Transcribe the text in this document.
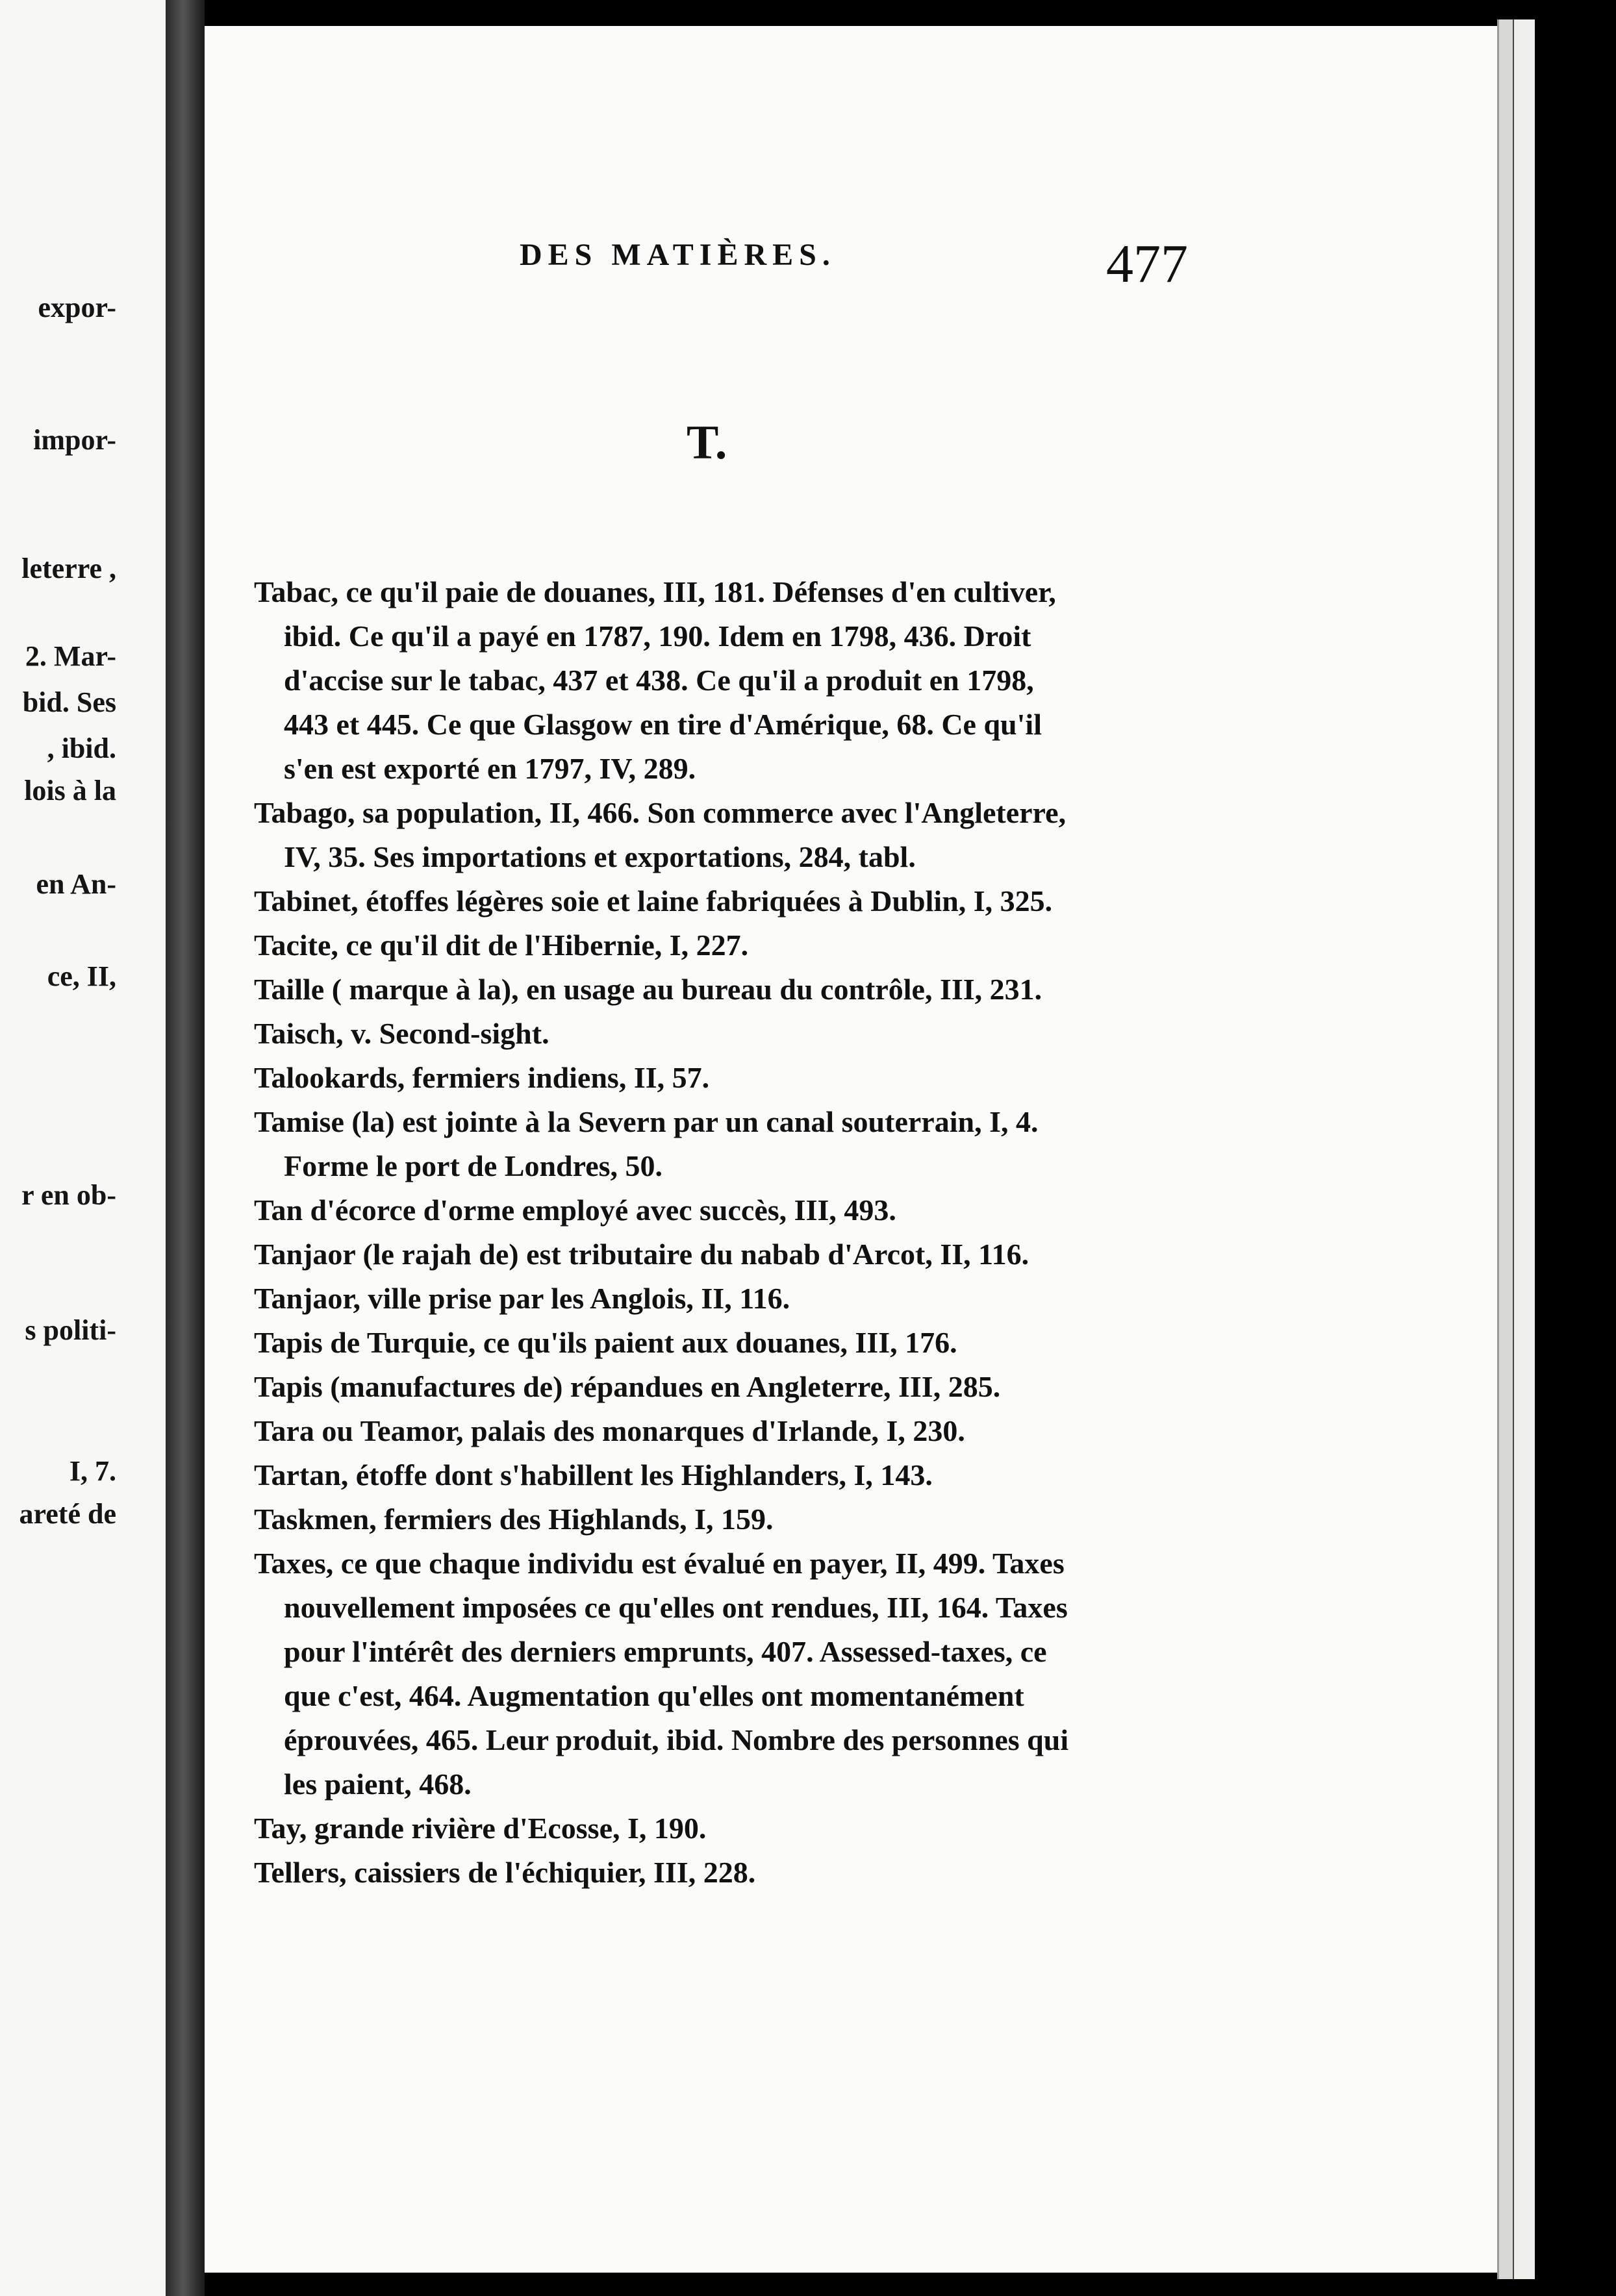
expor-
impor-
leterre ,
2. Mar-
bid. Ses
, ibid.
lois à la
en An-
ce, II,
r en ob-
s politi-
I, 7.
areté de
DES MATIÈRES.	477
T.
Tabac, ce qu'il paie de douanes, III, 181. Défenses d'en cultiver,
ibid. Ce qu'il a payé en 1787, 190. Idem en 1798, 436. Droit
d'accise sur le tabac, 437 et 438. Ce qu'il a produit en 1798,
443 et 445. Ce que Glasgow en tire d'Amérique, 68. Ce qu'il
s'en est exporté en 1797, IV, 289.
Tabago, sa population, II, 466. Son commerce avec l'Angleterre,
IV, 35. Ses importations et exportations, 284, tabl.
Tabinet, étoffes légères soie et laine fabriquées à Dublin, I, 325.
Tacite, ce qu'il dit de l'Hibernie, I, 227.
Taille ( marque à la), en usage au bureau du contrôle, III, 231.
Taisch, v. Second-sight.
Talookards, fermiers indiens, II, 57.
Tamise (la) est jointe à la Severn par un canal souterrain, I, 4.
Forme le port de Londres, 50.
Tan d'écorce d'orme employé avec succès, III, 493.
Tanjaor (le rajah de) est tributaire du nabab d'Arcot, II, 116.
Tanjaor, ville prise par les Anglois, II, 116.
Tapis de Turquie, ce qu'ils paient aux douanes, III, 176.
Tapis (manufactures de) répandues en Angleterre, III, 285.
Tara ou Teamor, palais des monarques d'Irlande, I, 230.
Tartan, étoffe dont s'habillent les Highlanders, I, 143.
Taskmen, fermiers des Highlands, I, 159.
Taxes, ce que chaque individu est évalué en payer, II, 499. Taxes
nouvellement imposées ce qu'elles ont rendues, III, 164. Taxes
pour l'intérêt des derniers emprunts, 407. Assessed-taxes, ce
que c'est, 464. Augmentation qu'elles ont momentanément
éprouvées, 465. Leur produit, ibid. Nombre des personnes qui
les paient, 468.
Tay, grande rivière d'Ecosse, I, 190.
Tellers, caissiers de l'échiquier, III, 228.
